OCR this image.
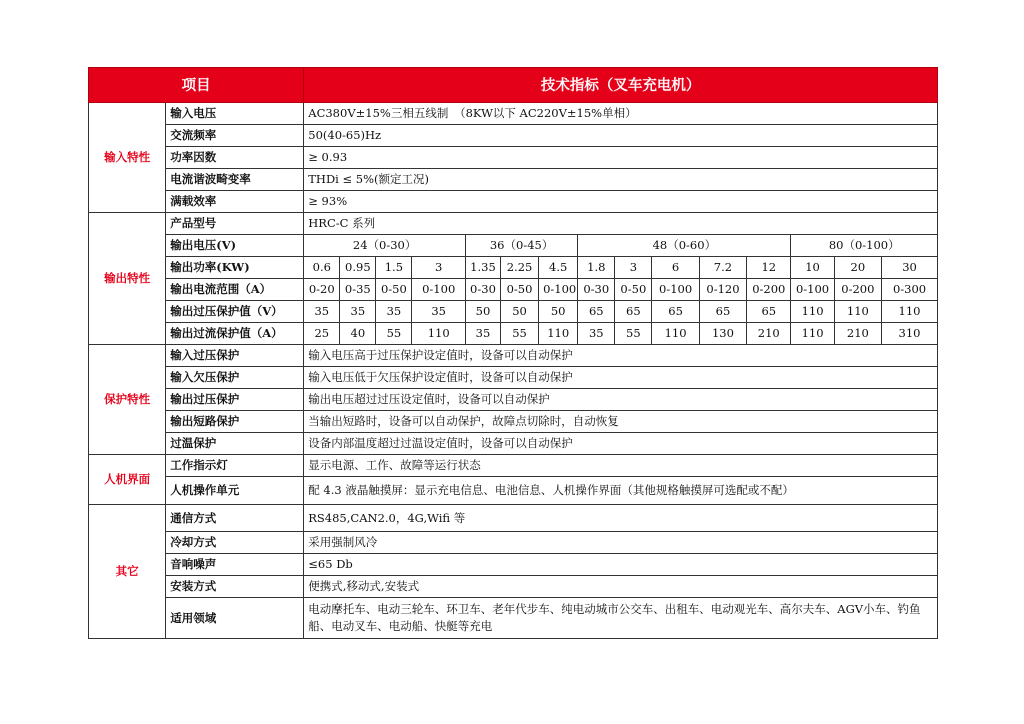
项目		技术指标（叉车充电机）														
输入特性	输入电压	AC380V±15%三相五线制　（8KW以下 AC220V±15%单相）														
	交流频率	50(40-65)Hz														
	功率因数	≥ 0.93														
	电流谐波畸变率	THDi ≤ 5%(额定工况)														
	满载效率	≥ 93%														
输出特性	产品型号	HRC-C 系列														
	输出电压(V)	24（0-30）				36（0-45）			48（0-60）					80（0-100）		
	输出功率(KW)	0.6	0.95	1.5	3	1.35	2.25	4.5	1.8	3	6	7.2	12	10	20	30
	输出电流范围（A）	0-20	0-35	0-50	0-100	0-30	0-50	0-100	0-30	0-50	0-100	0-120	0-200	0-100	0-200	0-300
	输出过压保护值（V）	35	35	35	35	50	50	50	65	65	65	65	65	110	110	110
	输出过流保护值（A）	25	40	55	110	35	55	110	35	55	110	130	210	110	210	310
保护特性	输入过压保护	输入电压高于过压保护设定值时，设备可以自动保护														
	输入欠压保护	输入电压低于欠压保护设定值时，设备可以自动保护														
	输出过压保护	输出电压超过过压设定值时，设备可以自动保护														
	输出短路保护	当输出短路时，设备可以自动保护，故障点切除时，自动恢复														
	过温保护	设备内部温度超过过温设定值时，设备可以自动保护														
人机界面	工作指示灯	显示电源、工作、故障等运行状态														
	人机操作单元	配 4.3 液晶触摸屏：显示充电信息、电池信息、人机操作界面（其他规格触摸屏可选配或不配）														
其它	通信方式	RS485,CAN2.0，4G,Wifi 等														
	冷却方式	采用强制风冷														
	音响噪声	≤65 Db														
	安装方式	便携式,移动式,安装式														
	适用领域	电动摩托车、电动三轮车、环卫车、老年代步车、纯电动城市公交车、出租车、电动观光车、高尔夫车、AGV小车、钓鱼船、电动叉车、电动船、快艇等充电														
